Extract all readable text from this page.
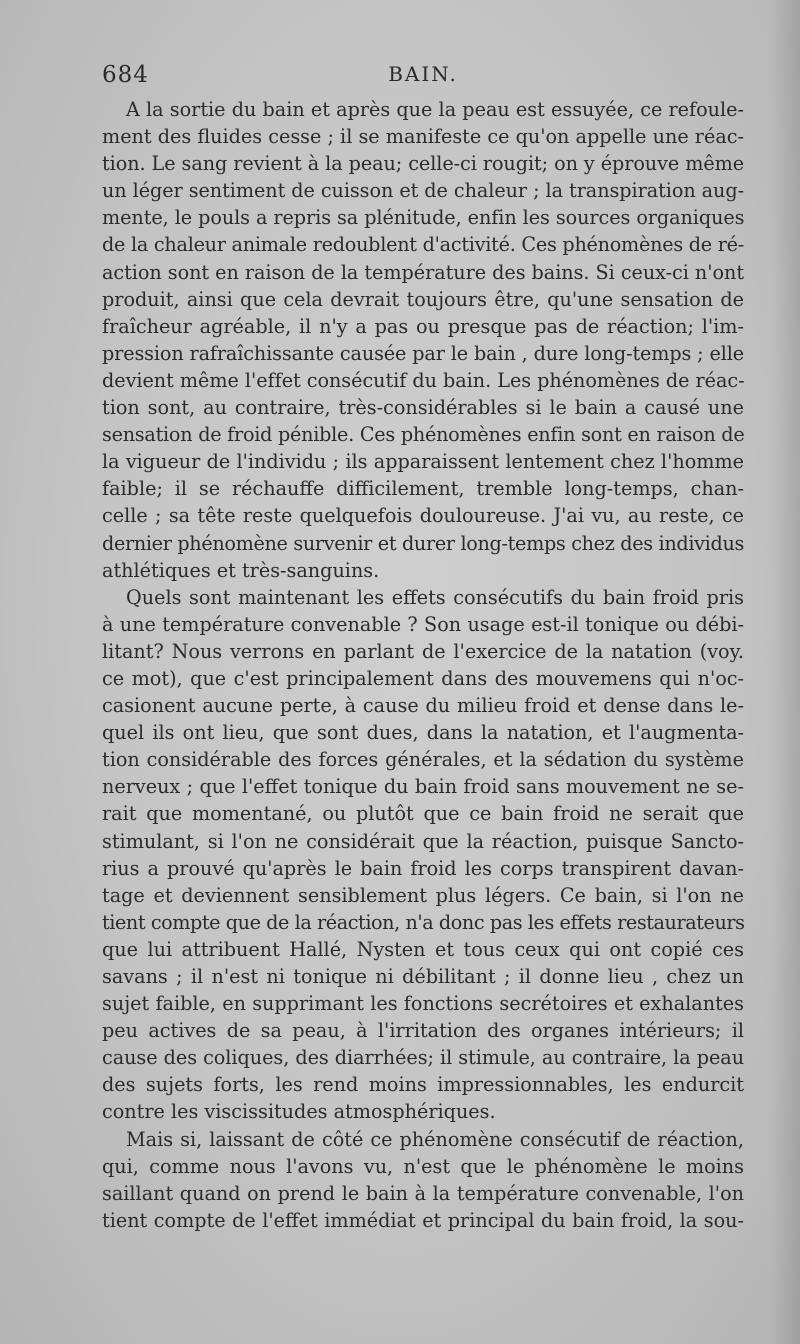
684	BAIN.
A la sortie du bain et après que la peau est essuyée, ce refoule-
ment des fluides cesse ; il se manifeste ce qu'on appelle une réac-
tion. Le sang revient à la peau; celle-ci rougit; on y éprouve même
un léger sentiment de cuisson et de chaleur ; la transpiration aug-
mente, le pouls a repris sa plénitude, enfin les sources organiques
de la chaleur animale redoublent d'activité. Ces phénomènes de ré-
action sont en raison de la température des bains. Si ceux-ci n'ont
produit, ainsi que cela devrait toujours être, qu'une sensation de
fraîcheur agréable, il n'y a pas ou presque pas de réaction; l'im-
pression rafraîchissante causée par le bain , dure long-temps ; elle
devient même l'effet consécutif du bain. Les phénomènes de réac-
tion sont, au contraire, très-considérables si le bain a causé une
sensation de froid pénible. Ces phénomènes enfin sont en raison de
la vigueur de l'individu ; ils apparaissent lentement chez l'homme
faible; il se réchauffe difficilement, tremble long-temps, chan-
celle ; sa tête reste quelquefois douloureuse. J'ai vu, au reste, ce
dernier phénomène survenir et durer long-temps chez des individus
athlétiques et très-sanguins.
Quels sont maintenant les effets consécutifs du bain froid pris
à une température convenable ? Son usage est-il tonique ou débi-
litant? Nous verrons en parlant de l'exercice de la natation (voy.
ce mot), que c'est principalement dans des mouvemens qui n'oc-
casionent aucune perte, à cause du milieu froid et dense dans le-
quel ils ont lieu, que sont dues, dans la natation, et l'augmenta-
tion considérable des forces générales, et la sédation du système
nerveux ; que l'effet tonique du bain froid sans mouvement ne se-
rait que momentané, ou plutôt que ce bain froid ne serait que
stimulant, si l'on ne considérait que la réaction, puisque Sancto-
rius a prouvé qu'après le bain froid les corps transpirent davan-
tage et deviennent sensiblement plus légers. Ce bain, si l'on ne
tient compte que de la réaction, n'a donc pas les effets restaurateurs
que lui attribuent Hallé, Nysten et tous ceux qui ont copié ces
savans ; il n'est ni tonique ni débilitant ; il donne lieu , chez un
sujet faible, en supprimant les fonctions secrétoires et exhalantes
peu actives de sa peau, à l'irritation des organes intérieurs; il
cause des coliques, des diarrhées; il stimule, au contraire, la peau
des sujets forts, les rend moins impressionnables, les endurcit
contre les viscissitudes atmosphériques.
Mais si, laissant de côté ce phénomène consécutif de réaction,
qui, comme nous l'avons vu, n'est que le phénomène le moins
saillant quand on prend le bain à la température convenable, l'on
tient compte de l'effet immédiat et principal du bain froid, la sou-
